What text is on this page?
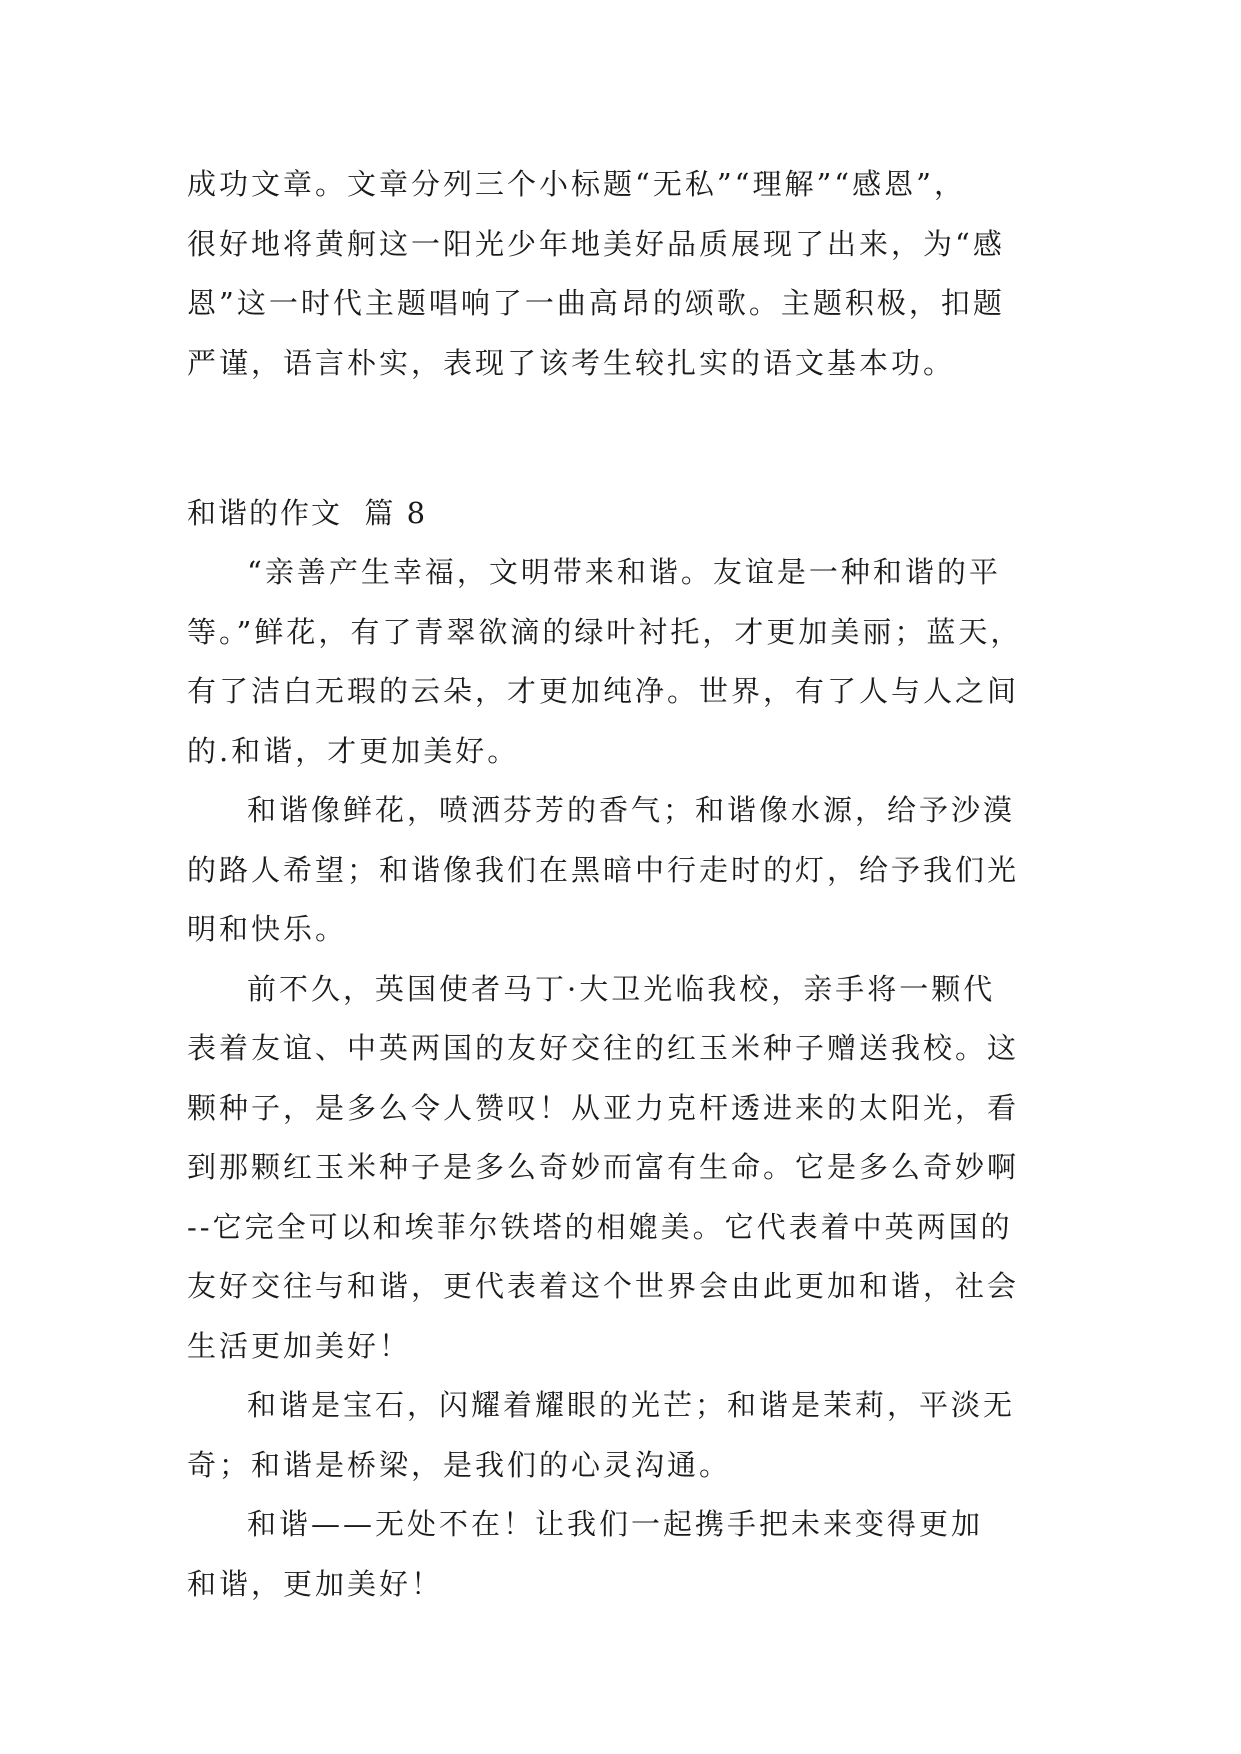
成功文章。文章分列三个小标题“无私”“理解”“感恩”，
很好地将黄舸这一阳光少年地美好品质展现了出来，为“感
恩”这一时代主题唱响了一曲高昂的颂歌。主题积极，扣题
严谨，语言朴实，表现了该考生较扎实的语文基本功。
和谐的作文  篇 8
“亲善产生幸福，文明带来和谐。友谊是一种和谐的平
等。”鲜花，有了青翠欲滴的绿叶衬托，才更加美丽；蓝天，
有了洁白无瑕的云朵，才更加纯净。世界，有了人与人之间
的.和谐，才更加美好。
和谐像鲜花，喷洒芬芳的香气；和谐像水源，给予沙漠
的路人希望；和谐像我们在黑暗中行走时的灯，给予我们光
明和快乐。
前不久，英国使者马丁·大卫光临我校，亲手将一颗代
表着友谊、中英两国的友好交往的红玉米种子赠送我校。这
颗种子，是多么令人赞叹！从亚力克杆透进来的太阳光，看
到那颗红玉米种子是多么奇妙而富有生命。它是多么奇妙啊
--它完全可以和埃菲尔铁塔的相媲美。它代表着中英两国的
友好交往与和谐，更代表着这个世界会由此更加和谐，社会
生活更加美好！
和谐是宝石，闪耀着耀眼的光芒；和谐是茉莉，平淡无
奇；和谐是桥梁，是我们的心灵沟通。
和谐——无处不在！让我们一起携手把未来变得更加
和谐，更加美好！
